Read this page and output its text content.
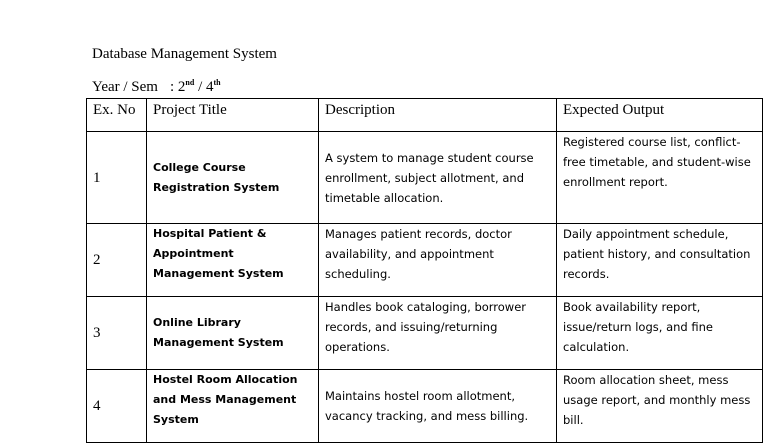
Database Management System
Year / Sem : 2nd / 4th
Ex. No	Project Title	Description	Expected Output
1	College Course Registration System	A system to manage student course enrollment, subject allotment, and timetable allocation.	Registered course list, conflict-free timetable, and student-wise enrollment report.
2	Hospital Patient & Appointment Management System	Manages patient records, doctor availability, and appointment scheduling.	Daily appointment schedule, patient history, and consultation records.
3	Online Library Management System	Handles book cataloging, borrower records, and issuing/returning operations.	Book availability report, issue/return logs, and fine calculation.
4	Hostel Room Allocation and Mess Management System	Maintains hostel room allotment, vacancy tracking, and mess billing.	Room allocation sheet, mess usage report, and monthly mess bill.
